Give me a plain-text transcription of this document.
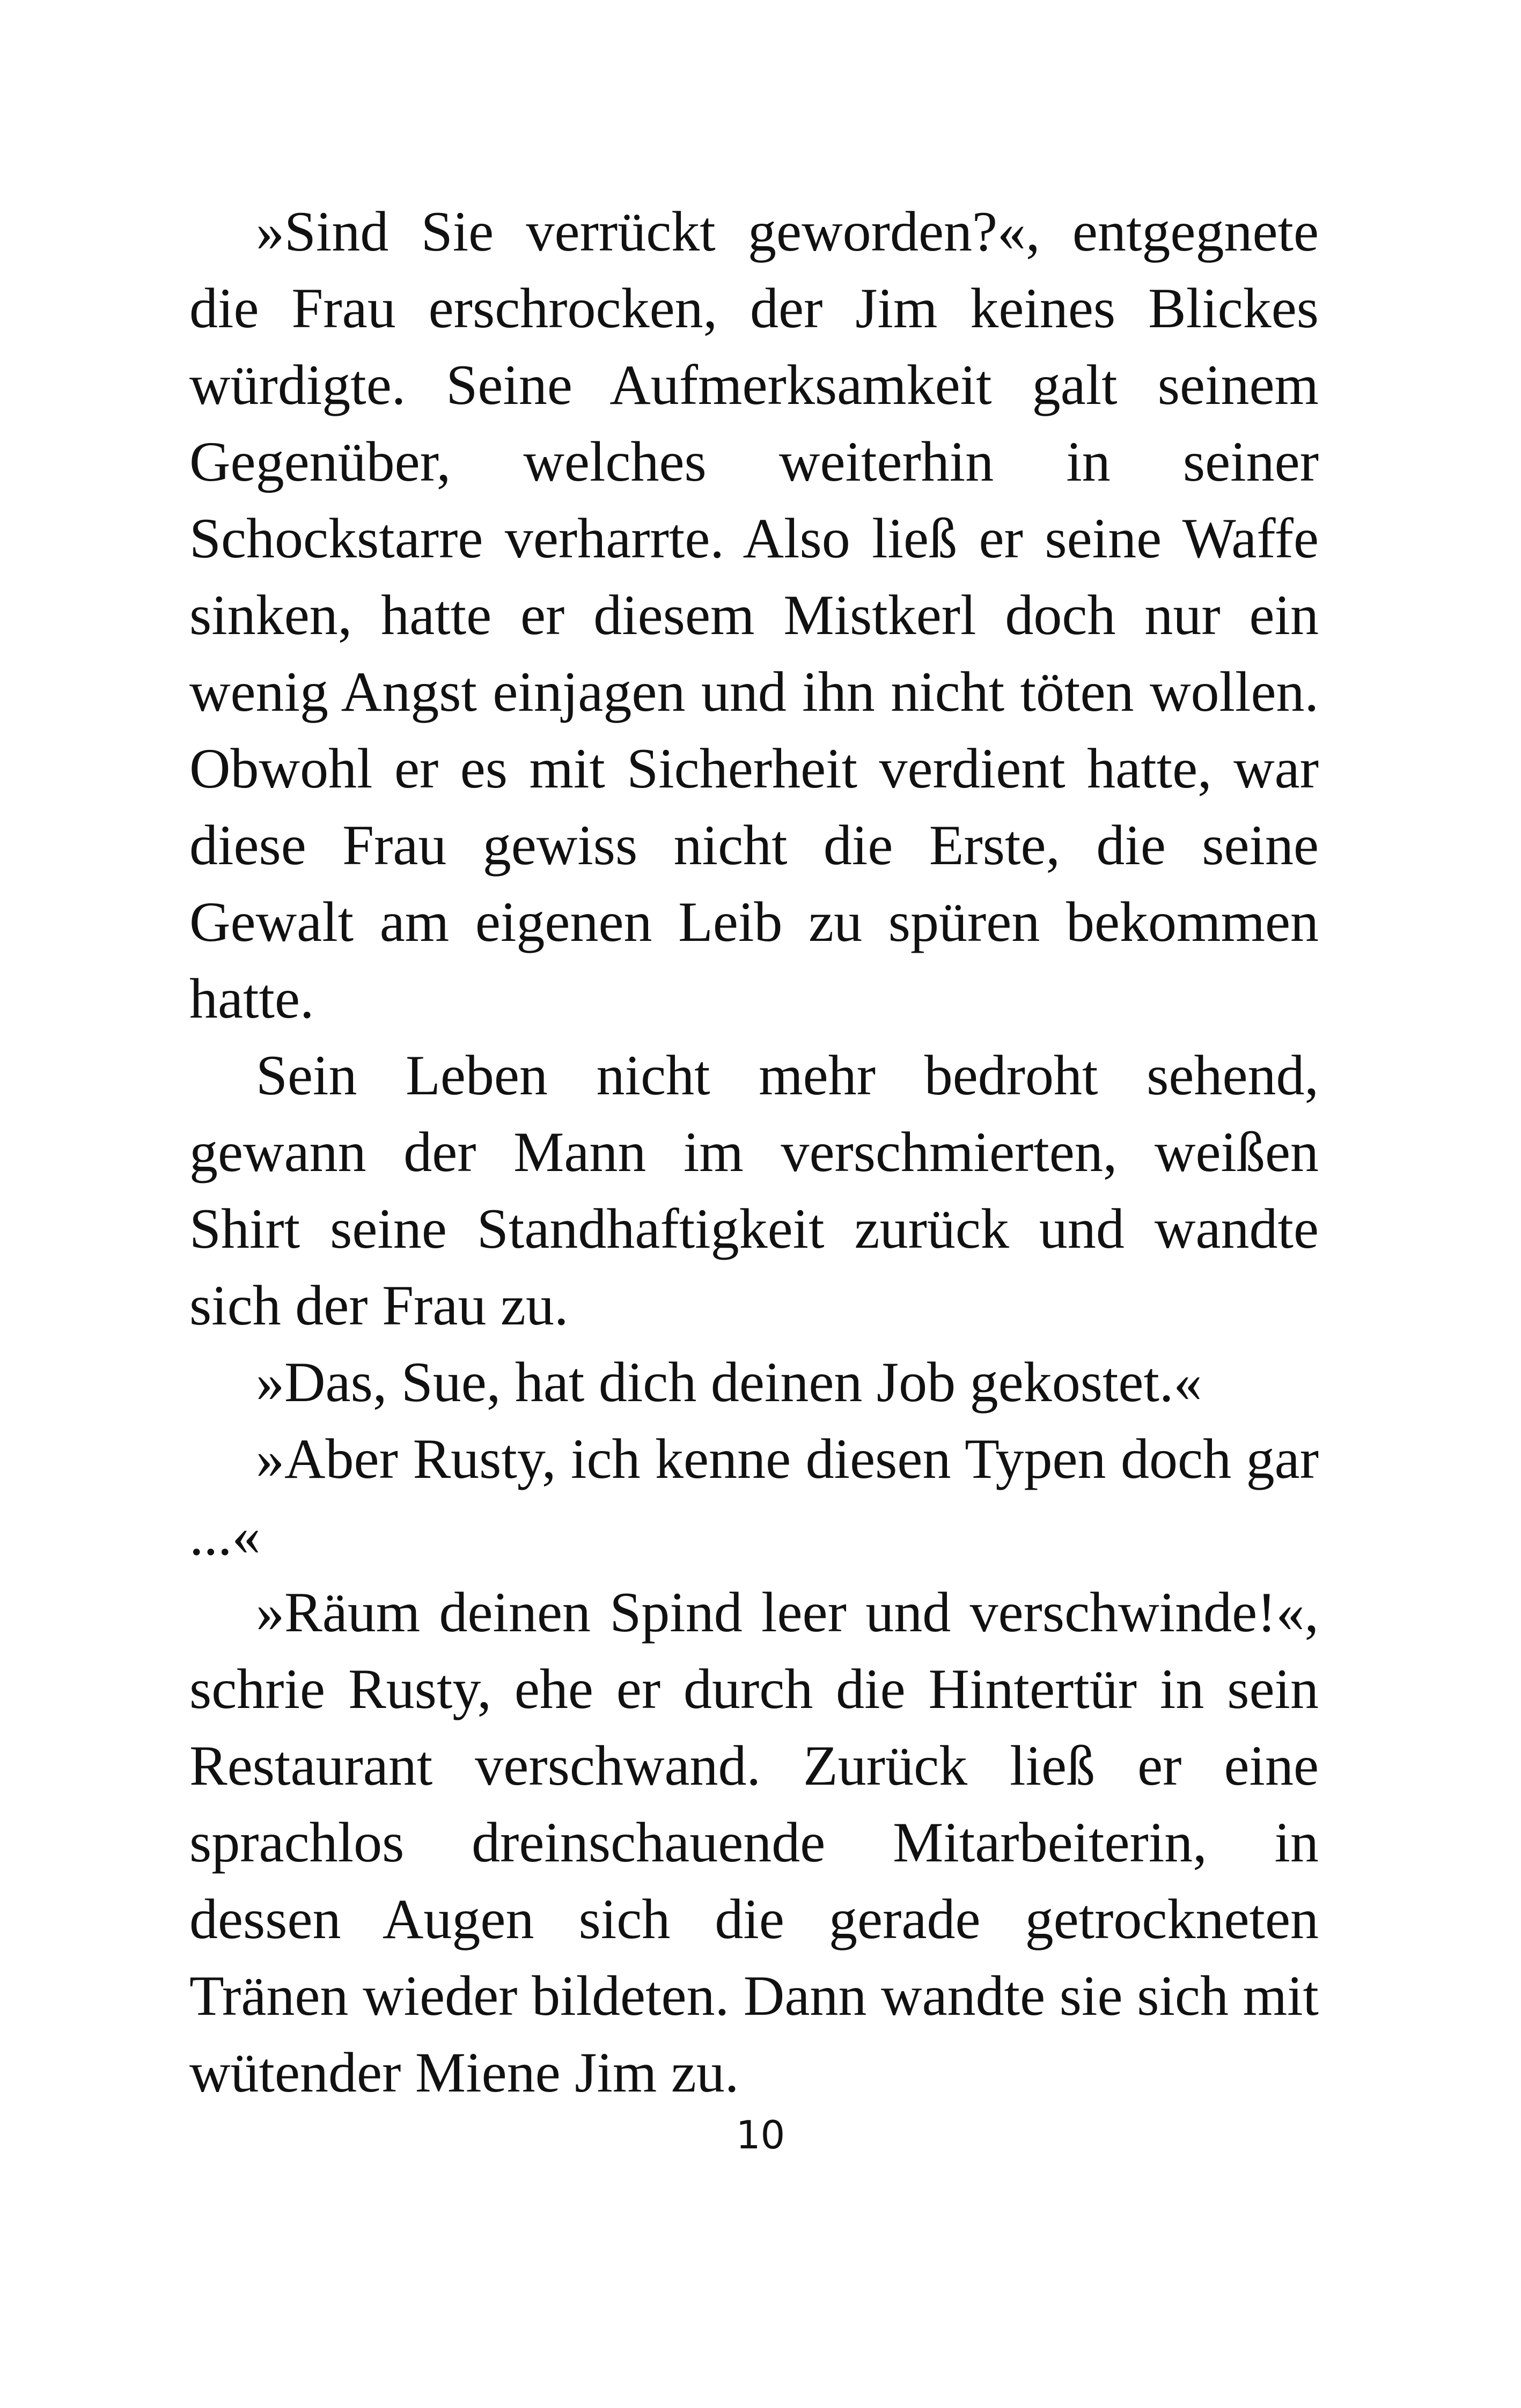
»Sind Sie verrückt geworden?«, entgegnete die Frau erschrocken, der Jim keines Blickes würdigte. Seine Aufmerksamkeit galt seinem Gegenüber, welches weiterhin in seiner Schockstarre verharrte. Also ließ er seine Waffe sinken, hatte er diesem Mistkerl doch nur ein wenig Angst einjagen und ihn nicht töten wollen. Obwohl er es mit Sicherheit verdient hatte, war diese Frau gewiss nicht die Erste, die seine Gewalt am eigenen Leib zu spüren bekommen hatte.

Sein Leben nicht mehr bedroht sehend, gewann der Mann im verschmierten, weißen Shirt seine Standhaftigkeit zurück und wandte sich der Frau zu.

»Das, Sue, hat dich deinen Job gekostet.«

»Aber Rusty, ich kenne diesen Typen doch gar ...«

»Räum deinen Spind leer und verschwinde!«, schrie Rusty, ehe er durch die Hintertür in sein Restaurant verschwand. Zurück ließ er eine sprachlos dreinschauende Mitarbeiterin, in dessen Augen sich die gerade getrockneten Tränen wieder bildeten. Dann wandte sie sich mit wütender Miene Jim zu.

10
